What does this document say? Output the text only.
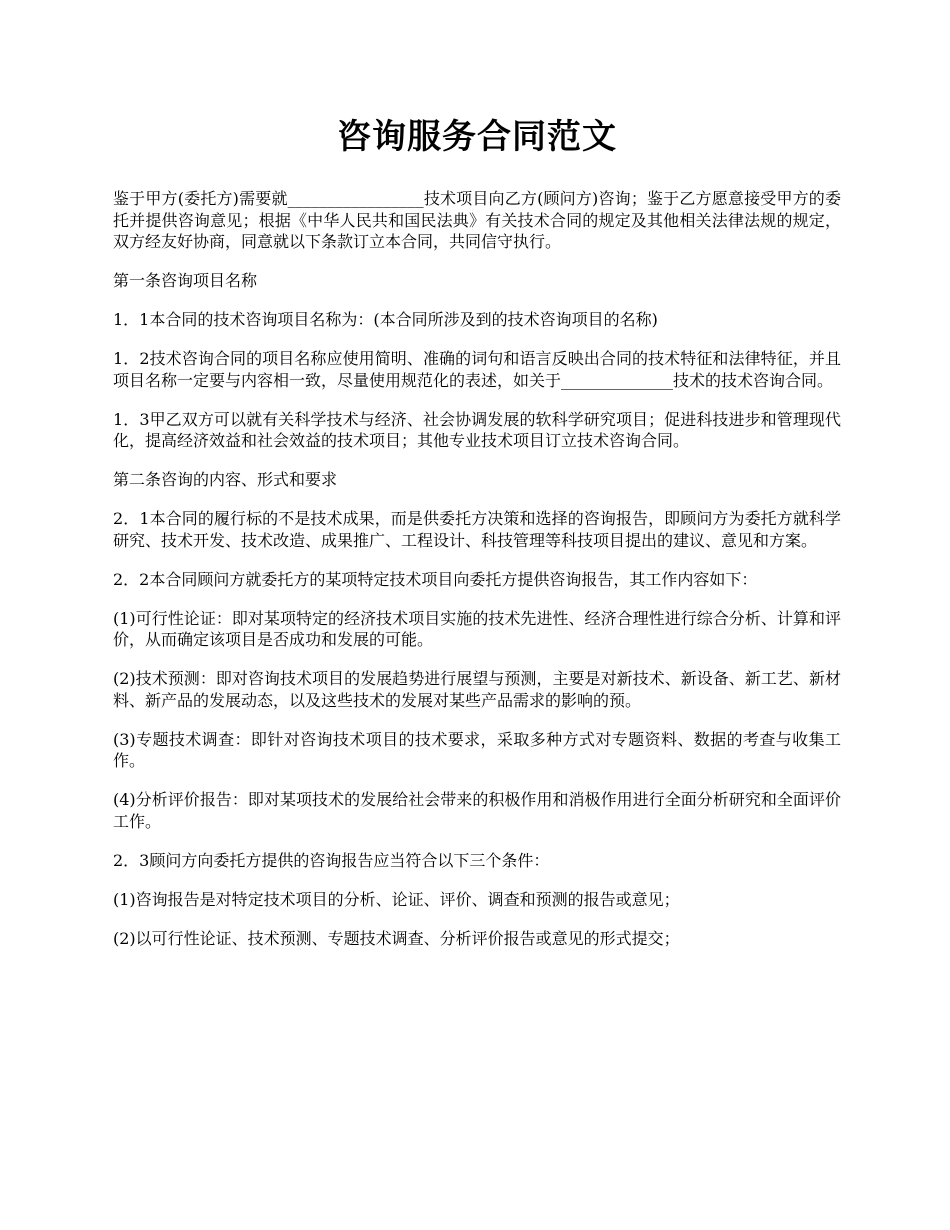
咨询服务合同范文

鉴于甲方(委托方)需要就_________________技术项目向乙方(顾问方)咨询；鉴于乙方愿意接受甲方的委托并提供咨询意见；根据《中华人民共和国民法典》有关技术合同的规定及其他相关法律法规的规定，双方经友好协商，同意就以下条款订立本合同，共同信守执行。

第一条咨询项目名称

1．1本合同的技术咨询项目名称为：(本合同所涉及到的技术咨询项目的名称)

1．2技术咨询合同的项目名称应使用简明、准确的词句和语言反映出合同的技术特征和法律特征，并且项目名称一定要与内容相一致，尽量使用规范化的表述，如关于______________技术的技术咨询合同。

1．3甲乙双方可以就有关科学技术与经济、社会协调发展的软科学研究项目；促进科技进步和管理现代化，提高经济效益和社会效益的技术项目；其他专业技术项目订立技术咨询合同。

第二条咨询的内容、形式和要求

2．1本合同的履行标的不是技术成果，而是供委托方决策和选择的咨询报告，即顾问方为委托方就科学研究、技术开发、技术改造、成果推广、工程设计、科技管理等科技项目提出的建议、意见和方案。

2．2本合同顾问方就委托方的某项特定技术项目向委托方提供咨询报告，其工作内容如下：

(1)可行性论证：即对某项特定的经济技术项目实施的技术先进性、经济合理性进行综合分析、计算和评价，从而确定该项目是否成功和发展的可能。

(2)技术预测：即对咨询技术项目的发展趋势进行展望与预测，主要是对新技术、新设备、新工艺、新材料、新产品的发展动态，以及这些技术的发展对某些产品需求的影响的预。

(3)专题技术调查：即针对咨询技术项目的技术要求，采取多种方式对专题资料、数据的考查与收集工作。

(4)分析评价报告：即对某项技术的发展给社会带来的积极作用和消极作用进行全面分析研究和全面评价工作。

2．3顾问方向委托方提供的咨询报告应当符合以下三个条件：

(1)咨询报告是对特定技术项目的分析、论证、评价、调查和预测的报告或意见；

(2)以可行性论证、技术预测、专题技术调查、分析评价报告或意见的形式提交；
